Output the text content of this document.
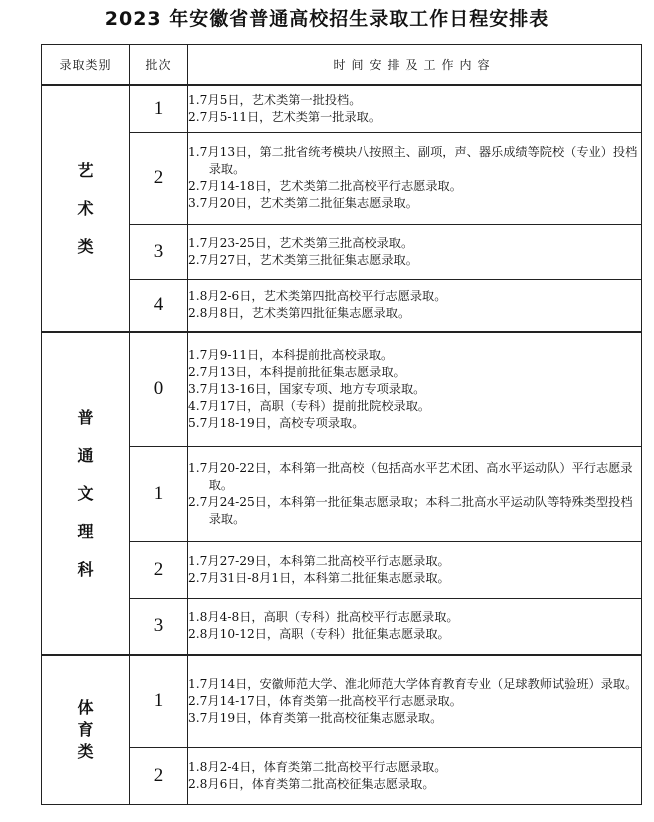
2023 年安徽省普通高校招生录取工作日程安排表
录取类别	批次	时间安排及工作内容
艺术类	1	1.7月5日，艺术类第一批投档。
2.7月5-11日，艺术类第一批录取。

	2	1.7月13日，第二批省统考模块八按照主、副项，声、器乐成绩等院校（专业）投档录取。
2.7月14-18日，艺术类第二批高校平行志愿录取。
3.7月20日，艺术类第二批征集志愿录取。

	3	1.7月23-25日，艺术类第三批高校录取。
2.7月27日，艺术类第三批征集志愿录取。

	4	1.8月2-6日，艺术类第四批高校平行志愿录取。
2.8月8日，艺术类第四批征集志愿录取。

普通文理科	0	1.7月9-11日，本科提前批高校录取。
2.7月13日，本科提前批征集志愿录取。
3.7月13-16日，国家专项、地方专项录取。
4.7月17日，高职（专科）提前批院校录取。
5.7月18-19日，高校专项录取。

	1	1.7月20-22日，本科第一批高校（包括高水平艺术团、高水平运动队）平行志愿录取。
2.7月24-25日，本科第一批征集志愿录取；本科二批高水平运动队等特殊类型投档录取。

	2	1.7月27-29日，本科第二批高校平行志愿录取。
2.7月31日-8月1日，本科第二批征集志愿录取。

	3	1.8月4-8日，高职（专科）批高校平行志愿录取。
2.8月10-12日，高职（专科）批征集志愿录取。

体育类	1	1.7月14日，安徽师范大学、淮北师范大学体育教育专业（足球教师试验班）录取。
2.7月14-17日，体育类第一批高校平行志愿录取。
3.7月19日，体育类第一批高校征集志愿录取。

	2	1.8月2-4日，体育类第二批高校平行志愿录取。
2.8月6日，体育类第二批高校征集志愿录取。
